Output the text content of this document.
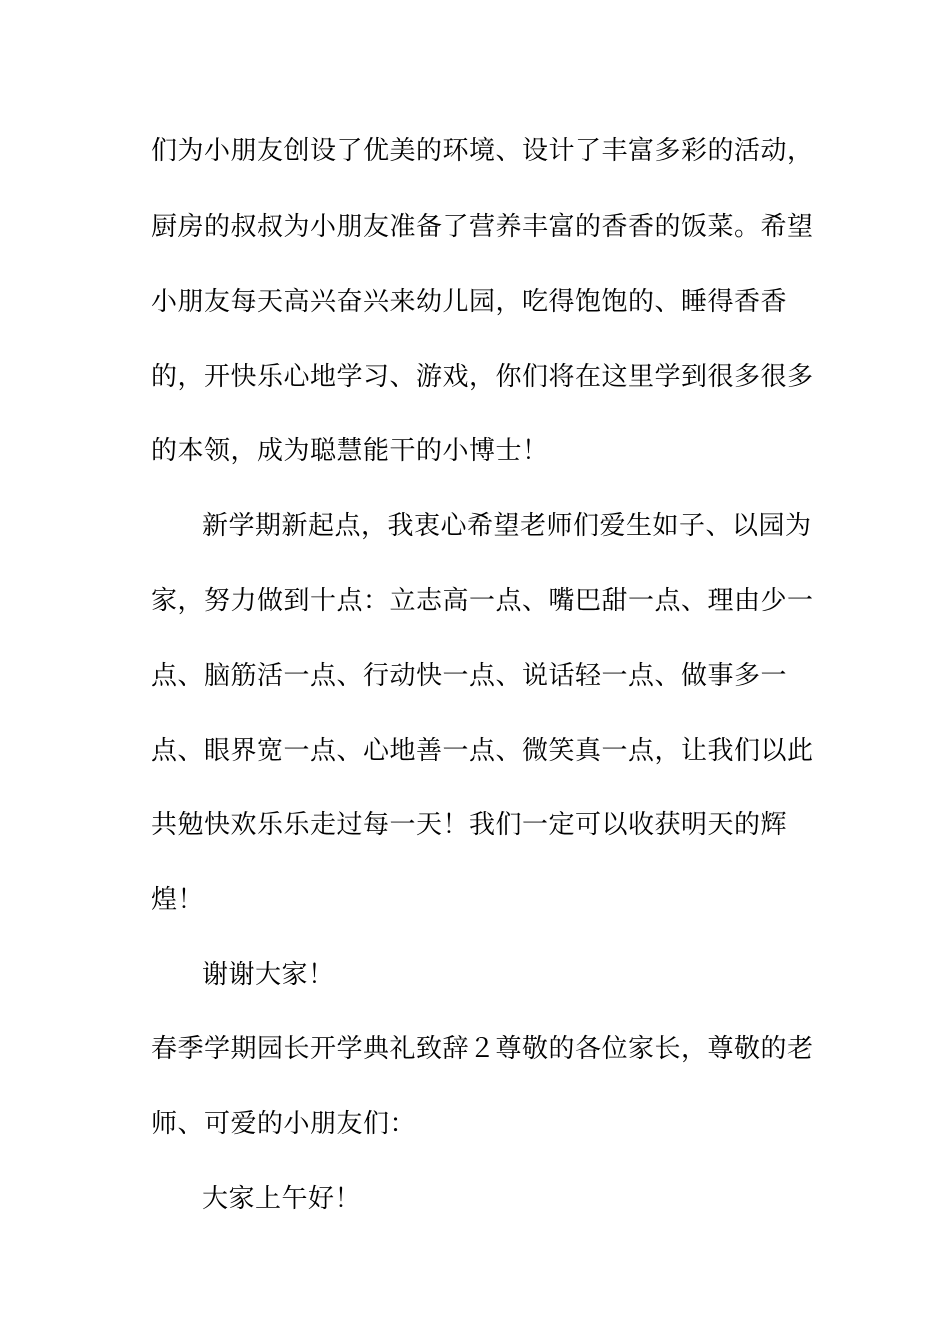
们为小朋友创设了优美的环境、设计了丰富多彩的活动，
厨房的叔叔为小朋友准备了营养丰富的香香的饭菜。希望
小朋友每天高兴奋兴来幼儿园，吃得饱饱的、睡得香香
的，开快乐心地学习、游戏，你们将在这里学到很多很多
的本领，成为聪慧能干的小博士！
新学期新起点，我衷心希望老师们爱生如子、以园为
家，努力做到十点：立志高一点、嘴巴甜一点、理由少一
点、脑筋活一点、行动快一点、说话轻一点、做事多一
点、眼界宽一点、心地善一点、微笑真一点，让我们以此
共勉快欢乐乐走过每一天！我们一定可以收获明天的辉
煌！
谢谢大家！
春季学期园长开学典礼致辞２尊敬的各位家长，尊敬的老
师、可爱的小朋友们：
大家上午好！
